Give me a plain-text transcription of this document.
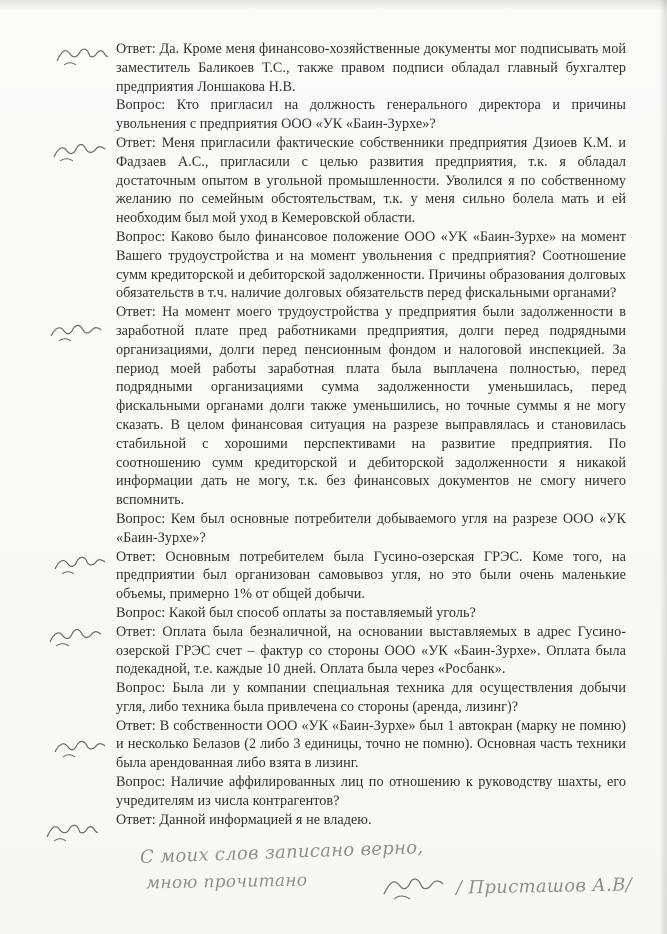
Ответ: Да. Кроме меня финансово-хозяйственные документы мог подписывать мой заместитель Баликоев Т.С., также правом подписи обладал главный бухгалтер предприятия Лоншакова Н.В.

Вопрос: Кто пригласил на должность генерального директора и причины увольнения с предприятия ООО «УК «Баин-Зурхе»?

Ответ: Меня пригласили фактические собственники предприятия Дзиоев К.М. и Фадзаев А.С., пригласили с целью развития предприятия, т.к. я обладал достаточным опытом в угольной промышленности. Уволился я по собственному желанию по семейным обстоятельствам, т.к. у меня сильно болела мать и ей необходим был мой уход в Кемеровской области.

Вопрос: Каково было финансовое положение ООО «УК «Баин-Зурхе» на момент Вашего трудоустройства и на момент увольнения с предприятия? Соотношение сумм кредиторской и дебиторской задолженности. Причины образования долговых обязательств в т.ч. наличие долговых обязательств перед фискальными органами?

Ответ: На момент моего трудоустройства у предприятия были задолженности в заработной плате пред работниками предприятия, долги перед подрядными организациями, долги перед пенсионным фондом и налоговой инспекцией. За период моей работы заработная плата была выплачена полностью, перед подрядными организациями сумма задолженности уменьшилась, перед фискальными органами долги также уменьшились, но точные суммы я не могу сказать. В целом финансовая ситуация на разрезе выправлялась и становилась стабильной с хорошими перспективами на развитие предприятия. По соотношению сумм кредиторской и дебиторской задолженности я никакой информации дать не могу, т.к. без финансовых документов не смогу ничего вспомнить.

Вопрос: Кем был основные потребители добываемого угля на разрезе ООО «УК «Баин-Зурхе»?

Ответ: Основным потребителем была Гусино-озерская ГРЭС. Коме того, на предприятии был организован самовывоз угля, но это были очень маленькие объемы, примерно 1% от общей добычи.

Вопрос: Какой был способ оплаты за поставляемый уголь?

Ответ: Оплата была безналичной, на основании выставляемых в адрес Гусино-озерской ГРЭС счет – фактур со стороны ООО «УК «Баин-Зурхе». Оплата была подекадной, т.е. каждые 10 дней. Оплата была через «Росбанк».

Вопрос: Была ли у компании специальная техника для осуществления добычи угля, либо техника была привлечена со стороны (аренда, лизинг)?

Ответ: В собственности ООО «УК «Баин-Зурхе» был 1 автокран (марку не помню) и несколько Белазов (2 либо 3 единицы, точно не помню). Основная часть техники была арендованная либо взята в лизинг.

Вопрос: Наличие аффилированных лиц по отношению к руководству шахты, его учредителям из числа контрагентов?

Ответ: Данной информацией я не владею.

С моих слов записано верно,
мною прочитано	/ Присташов А.В/
